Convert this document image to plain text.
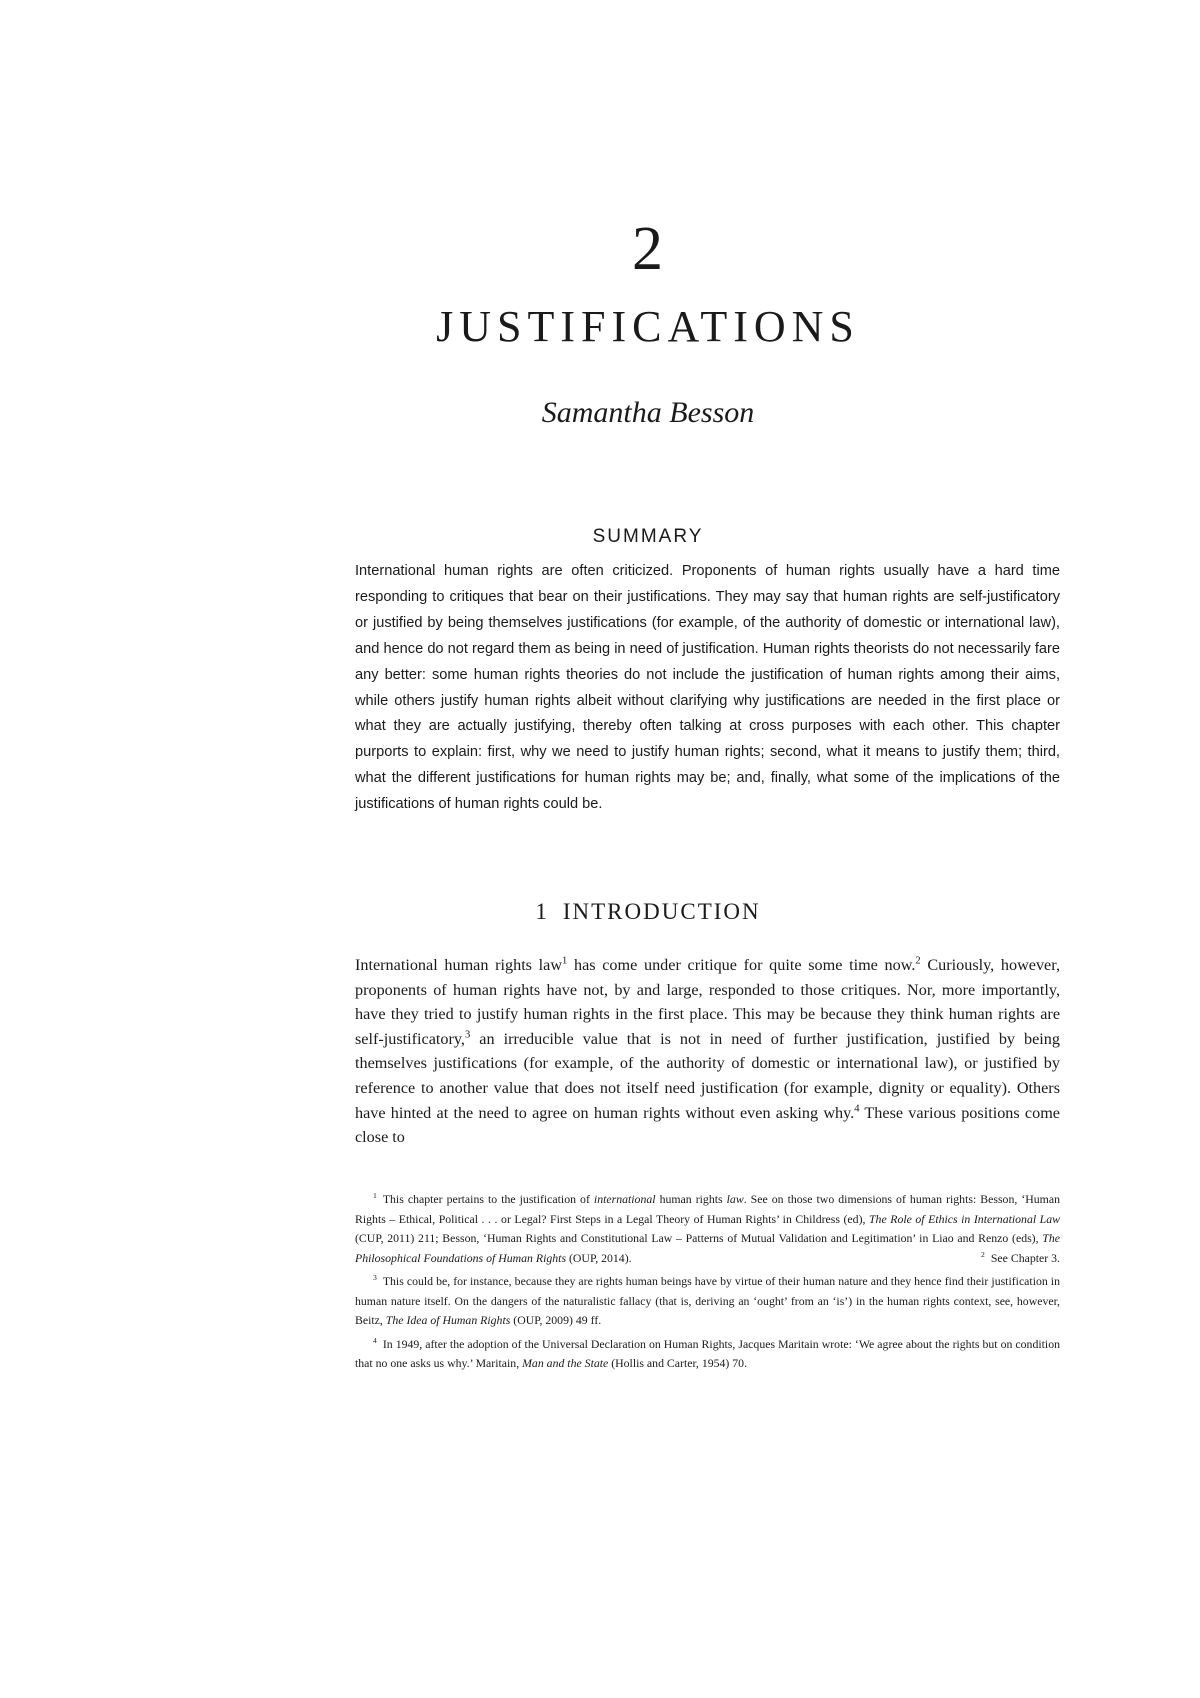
2
JUSTIFICATIONS
Samantha Besson
SUMMARY

International human rights are often criticized. Proponents of human rights usually have a hard time responding to critiques that bear on their justifications. They may say that human rights are self-justificatory or justified by being themselves justifications (for example, of the authority of domestic or international law), and hence do not regard them as being in need of justification. Human rights theorists do not necessarily fare any better: some human rights theories do not include the justification of human rights among their aims, while others justify human rights albeit without clarifying why justifications are needed in the first place or what they are actually justifying, thereby often talking at cross purposes with each other. This chapter purports to explain: first, why we need to justify human rights; second, what it means to justify them; third, what the different justifications for human rights may be; and, finally, what some of the implications of the justifications of human rights could be.

1 INTRODUCTION

International human rights law$^1$ has come under critique for quite some time now.$^2$ Curiously, however, proponents of human rights have not, by and large, responded to those critiques. Nor, more importantly, have they tried to justify human rights in the first place. This may be because they think human rights are self-justificatory,$^3$ an irreducible value that is not in need of further justification, justified by being themselves justifications (for example, of the authority of domestic or international law), or justified by reference to another value that does not itself need justification (for example, dignity or equality). Others have hinted at the need to agree on human rights without even asking why.$^4$ These various positions come close to

$^1$ This chapter pertains to the justification of international human rights law. See on those two dimensions of human rights: Besson, ‘Human Rights – Ethical, Political . . . or Legal? First Steps in a Legal Theory of Human Rights’ in Childress (ed), The Role of Ethics in International Law (CUP, 2011) 211; Besson, ‘Human Rights and Constitutional Law – Patterns of Mutual Validation and Legitimation’ in Liao and Renzo (eds), The Philosophical Foundations of Human Rights (OUP, 2014).	$^2$ See Chapter 3.

$^3$ This could be, for instance, because they are rights human beings have by virtue of their human nature and they hence find their justification in human nature itself. On the dangers of the naturalistic fallacy (that is, deriving an ‘ought’ from an ‘is’) in the human rights context, see, however, Beitz, The Idea of Human Rights (OUP, 2009) 49 ff.

$^4$ In 1949, after the adoption of the Universal Declaration on Human Rights, Jacques Maritain wrote: ‘We agree about the rights but on condition that no one asks us why.’ Maritain, Man and the State (Hollis and Carter, 1954) 70.
